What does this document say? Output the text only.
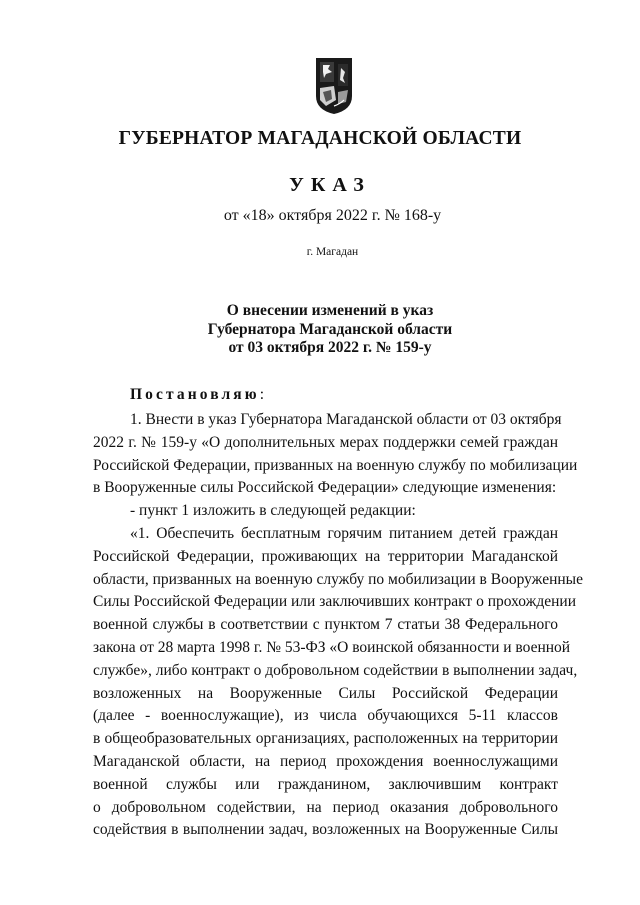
ГУБЕРНАТОР МАГАДАНСКОЙ ОБЛАСТИ
УКАЗ
от «18» октября 2022 г. № 168-у
г. Магадан
О внесении изменений в указ
Губернатора Магаданской области
от 03 октября 2022 г. № 159-у
Постановляю:

1. Внести в указ Губернатора Магаданской области от 03 октября

2022 г. № 159-у «О дополнительных мерах поддержки семей граждан

Российской Федерации, призванных на военную службу по мобилизации

в Вооруженные силы Российской Федерации» следующие изменения:

- пункт 1 изложить в следующей редакции:

«1. Обеспечить бесплатным горячим питанием детей граждан

Российской Федерации, проживающих на территории Магаданской

области, призванных на военную службу по мобилизации в Вооруженные

Силы Российской Федерации или заключивших контракт о прохождении

военной службы в соответствии с пунктом 7 статьи 38 Федерального

закона от 28 марта 1998 г. № 53-ФЗ «О воинской обязанности и военной

службе», либо контракт о добровольном содействии в выполнении задач,

возложенных на Вооруженные Силы Российской Федерации

(далее - военнослужащие), из числа обучающихся 5-11 классов

в общеобразовательных организациях, расположенных на территории

Магаданской области, на период прохождения военнослужащими

военной службы или гражданином, заключившим контракт

о добровольном содействии, на период оказания добровольного

содействия в выполнении задач, возложенных на Вооруженные Силы
